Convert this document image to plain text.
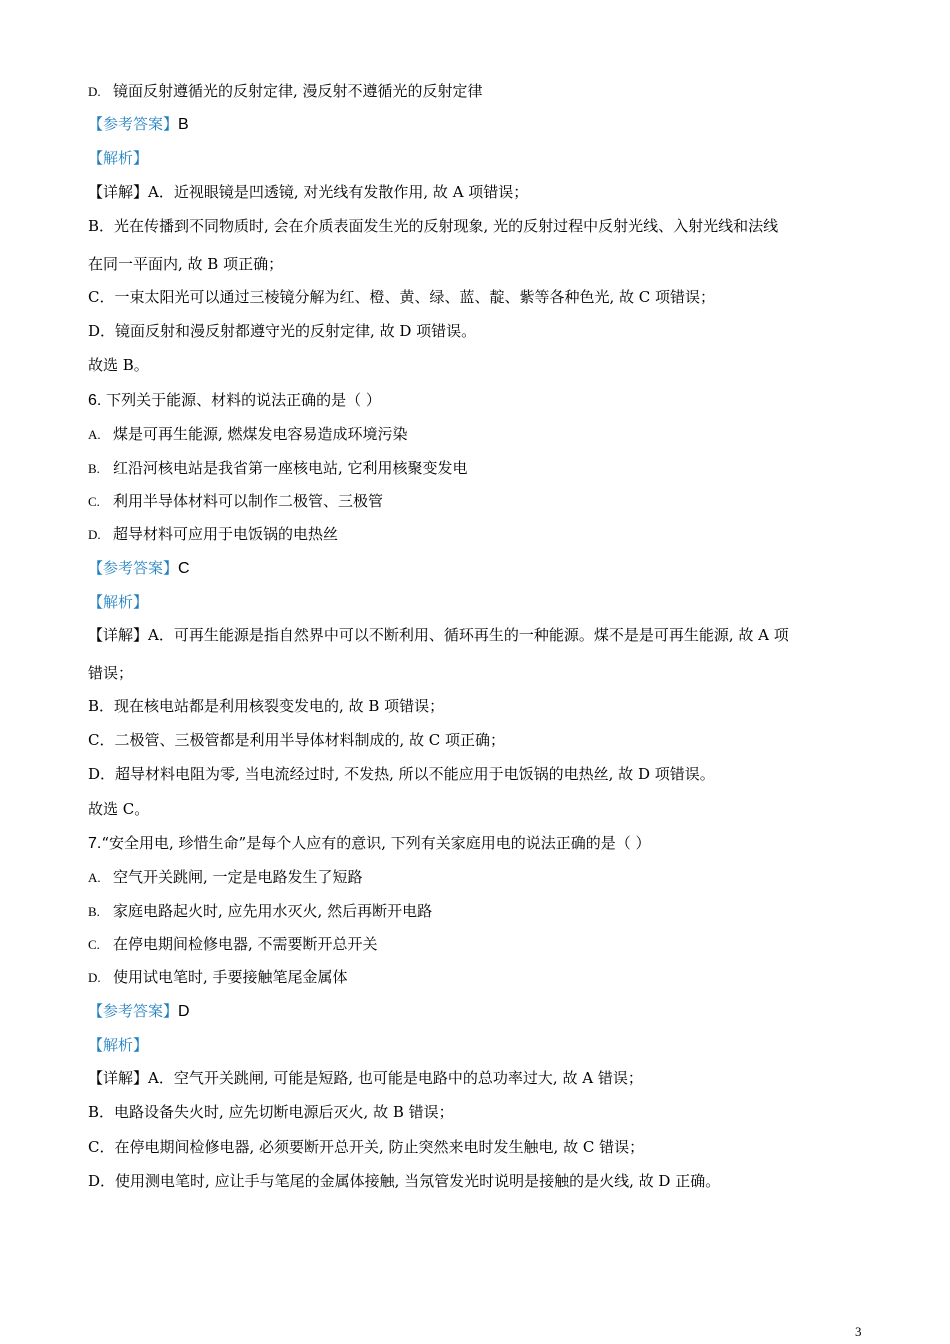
D. 镜面反射遵循光的反射定律, 漫反射不遵循光的反射定律
【参考答案】B
【解析】
【详解】A．近视眼镜是凹透镜, 对光线有发散作用, 故 A 项错误；
B．光在传播到不同物质时, 会在介质表面发生光的反射现象, 光的反射过程中反射光线、入射光线和法线
在同一平面内, 故 B 项正确；
C．一束太阳光可以通过三棱镜分解为红、橙、黄、绿、蓝、靛、紫等各种色光, 故 C 项错误；
D．镜面反射和漫反射都遵守光的反射定律, 故 D 项错误。
故选 B。
6. 下列关于能源、材料的说法正确的是（ ）
A. 煤是可再生能源, 燃煤发电容易造成环境污染
B. 红沿河核电站是我省第一座核电站, 它利用核聚变发电
C. 利用半导体材料可以制作二极管、三极管
D. 超导材料可应用于电饭锅的电热丝
【参考答案】C
【解析】
【详解】A．可再生能源是指自然界中可以不断利用、循环再生的一种能源。煤不是是可再生能源, 故 A 项
错误；
B．现在核电站都是利用核裂变发电的, 故 B 项错误；
C．二极管、三极管都是利用半导体材料制成的, 故 C 项正确；
D．超导材料电阻为零, 当电流经过时, 不发热, 所以不能应用于电饭锅的电热丝, 故 D 项错误。
故选 C。
7.“安全用电, 珍惜生命”是每个人应有的意识, 下列有关家庭用电的说法正确的是（ ）
A. 空气开关跳闸, 一定是电路发生了短路
B. 家庭电路起火时, 应先用水灭火, 然后再断开电路
C. 在停电期间检修电器, 不需要断开总开关
D. 使用试电笔时, 手要接触笔尾金属体
【参考答案】D
【解析】
【详解】A．空气开关跳闸, 可能是短路, 也可能是电路中的总功率过大, 故 A 错误；
B．电路设备失火时, 应先切断电源后灭火, 故 B 错误；
C．在停电期间检修电器, 必须要断开总开关, 防止突然来电时发生触电, 故 C 错误；
D．使用测电笔时, 应让手与笔尾的金属体接触, 当氖管发光时说明是接触的是火线, 故 D 正确。
3
